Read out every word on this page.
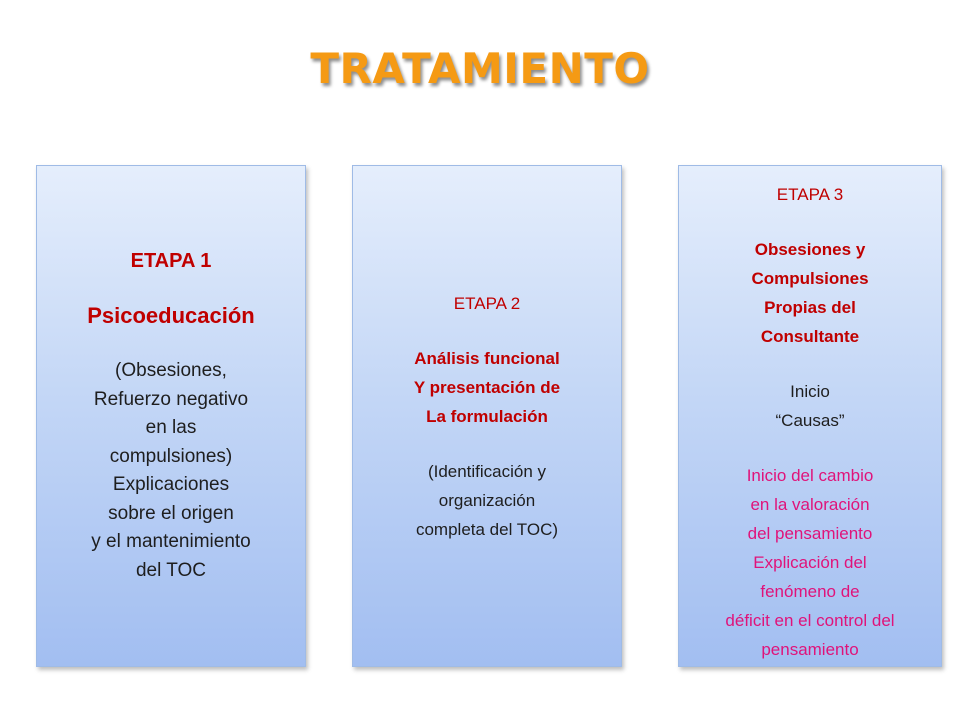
TRATAMIENTO
ETAPA 1
Psicoeducación
(Obsesiones,
Refuerzo negativo
en las
compulsiones)
Explicaciones
sobre el origen
y el mantenimiento
del TOC
ETAPA 2
Análisis funcional
Y presentación de
La formulación
(Identificación y
organización
completa del TOC)
ETAPA 3
Obsesiones y
Compulsiones
Propias del
Consultante
Inicio
“Causas”
Inicio del cambio
en la valoración
del pensamiento
Explicación del
fenómeno de
déficit en el control del
pensamiento
